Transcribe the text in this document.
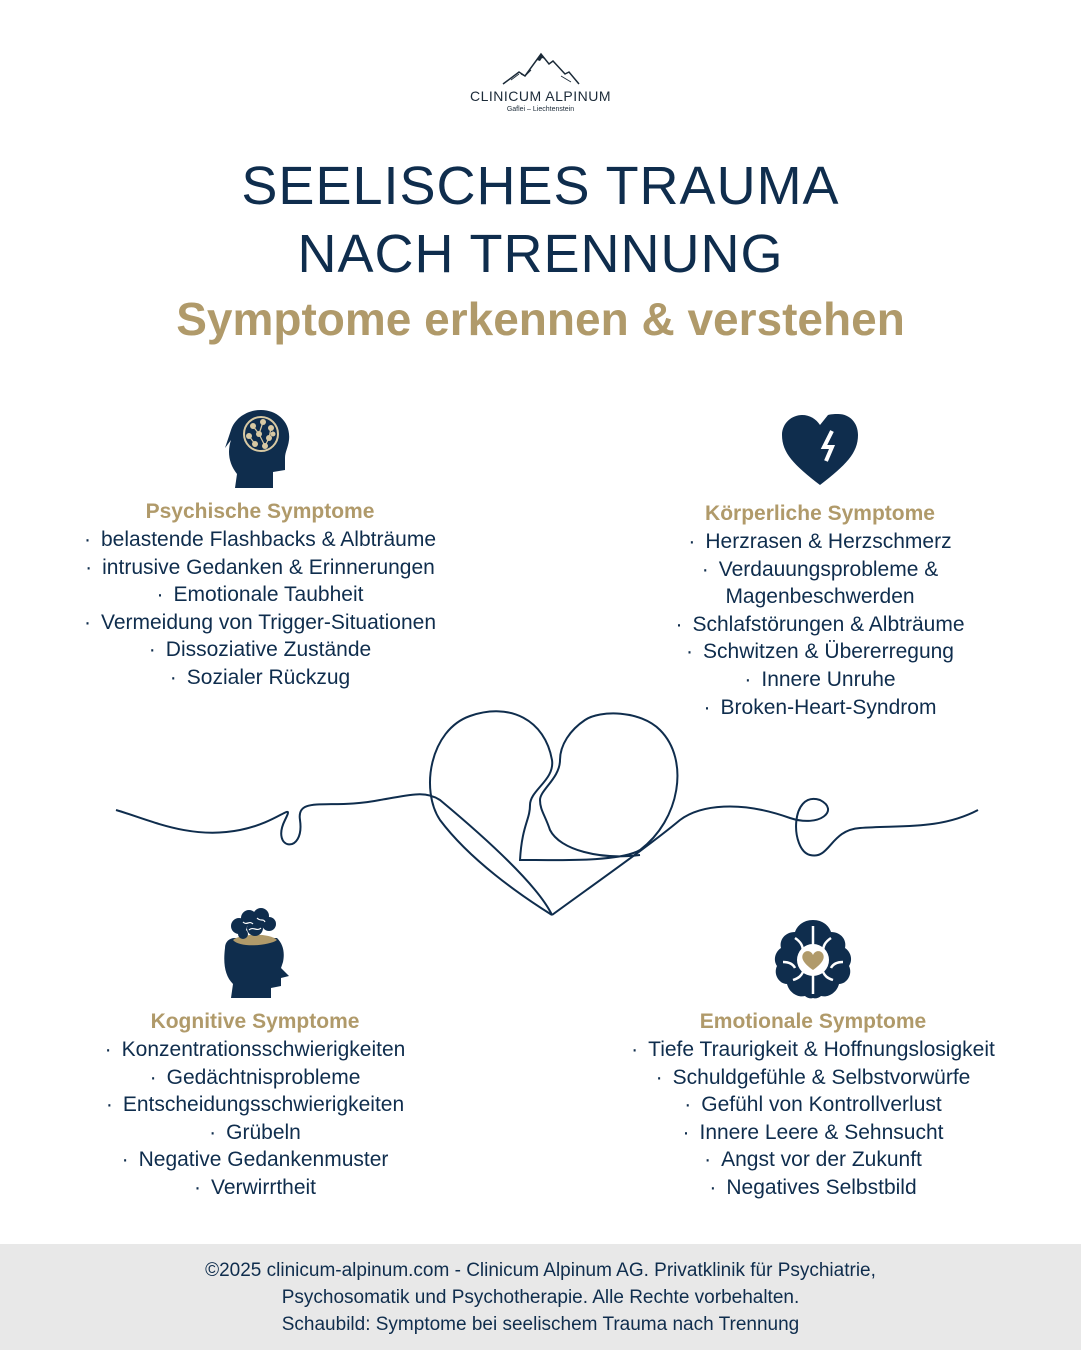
CLINICUM ALPINUM
Gaflei – Liechtenstein
SEELISCHES TRAUMA
NACH TRENNUNG
Symptome erkennen & verstehen
Psychische Symptome
· belastende Flashbacks & Albträume
· intrusive Gedanken & Erinnerungen
· Emotionale Taubheit
· Vermeidung von Trigger-Situationen
· Dissoziative Zustände
· Sozialer Rückzug
Körperliche Symptome
· Herzrasen & Herzschmerz
· Verdauungsprobleme &
Magenbeschwerden
· Schlafstörungen & Albträume
· Schwitzen & Übererregung
· Innere Unruhe
· Broken-Heart-Syndrom
Kognitive Symptome
· Konzentrationsschwierigkeiten
· Gedächtnisprobleme
· Entscheidungsschwierigkeiten
· Grübeln
· Negative Gedankenmuster
· Verwirrtheit
Emotionale Symptome
· Tiefe Traurigkeit & Hoffnungslosigkeit
· Schuldgefühle & Selbstvorwürfe
· Gefühl von Kontrollverlust
· Innere Leere & Sehnsucht
· Angst vor der Zukunft
· Negatives Selbstbild

©2025 clinicum-alpinum.com - Clinicum Alpinum AG. Privatklinik für Psychiatrie,

Psychosomatik und Psychotherapie. Alle Rechte vorbehalten.

Schaubild: Symptome bei seelischem Trauma nach Trennung
